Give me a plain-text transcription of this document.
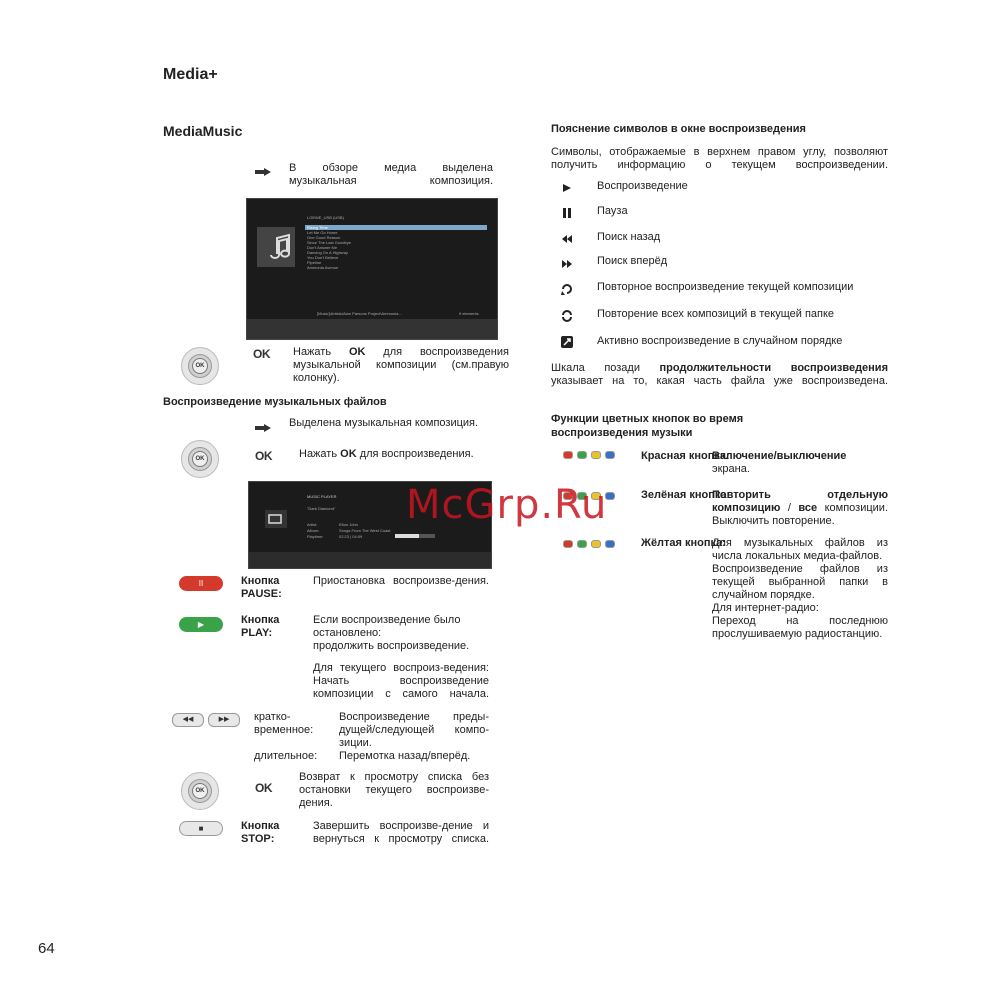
Media+
MediaMusic
В обзоре медиа выделена музыкальная композиция.
LOEWE_USB (USB)
Rising Time
Let Me Go Home
One Good Reason
Since The Last Goodbye
Don't Answer Me
Dancing On A Highway
You Don't Believe
Pipeline
Ammonia Avenue
[Music]\Artists\Alan Parsons Project\Ammonia...	9 elements
OK
OK Нажать OK для воспроизведения музыкальной композиции (см.правую колонку).
Воспроизведение музыкальных файлов
Выделена музыкальная композиция.
OK	OK Нажать OK для воспроизведения.
MUSIC PLAYER
"Dark Diamond"
Artist:	Elton John
Album:	Songs From The West Coast
Playtime:	02:23 | 04:09
II	Кнопка PAUSE:
Приостановка воспроизве-дения.
▶	Кнопка PLAY:
Если воспроизведение было остановлено:
продолжить воспроизведение.
Для текущего воспроиз-ведения: Начать воспроизведение композиции с самого начала.
◀◀	▶▶	кратко-временное:
Воспроизведение преды-дущей/следующей компо-зиции.
длительное: Перемотка назад/вперёд.
OK	OK
Возврат к просмотру списка без остановки текущего воспроизве-дения.
■	Кнопка STOP:
Завершить воспроизве-дение и вернуться к просмотру списка.
Пояснение символов в окне воспроизведения
Символы, отображаемые в верхнем правом углу, позволяют получить информацию о текущем воспроизведении.
Воспроизведение
Пауза
Поиск назад
Поиск вперёд
Повторное воспроизведение текущей композиции
Повторение всех композиций в текущей папке
Активно воспроизведение в случайном порядке
Шкала позади продолжительности воспроизведения указывает на то, какая часть файла уже воспроизведена.
Функции цветных кнопок во время
воспроизведения музыки
Красная кнопка:
Включение/выключение
экрана.
Зелёная кнопка:
Повторить отдельную
композицию / все композиции.
Выключить повторение.
Жёлтая кнопка:
Для музыкальных файлов из числа локальных медиа-файлов.
Воспроизведение файлов из текущей выбранной папки в случайном порядке.
Для интернет-радио:
Переход на последнюю прослушиваемую радиостанцию.
McGrp.Ru
64
